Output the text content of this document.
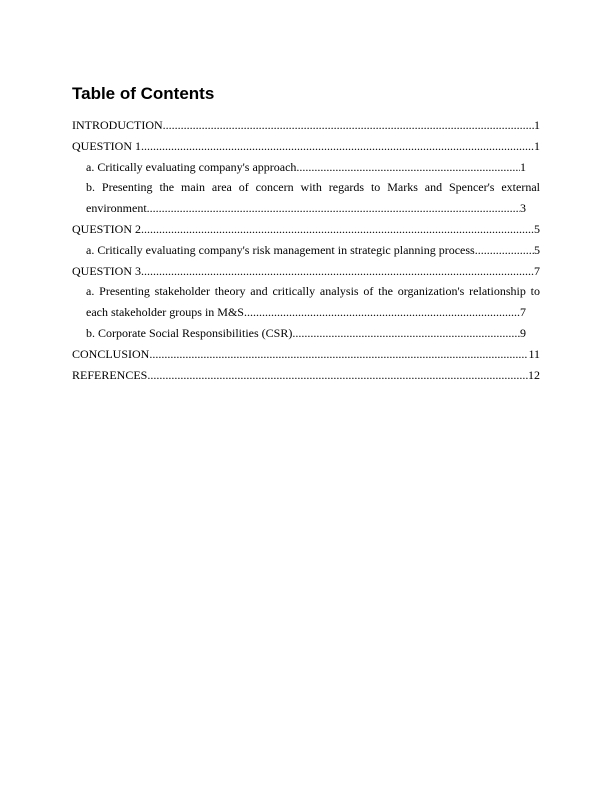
Table of Contents
INTRODUCTION .....	1
QUESTION 1 .....	1
a. Critically evaluating company's approach .....	1
b. Presenting the main area of concern with regards to Marks and Spencer's external
environment .....	3
QUESTION 2 .....	5
a. Critically evaluating company's risk management in strategic planning process .....	5
QUESTION 3 .....	7
a. Presenting stakeholder theory and critically analysis of the organization's relationship to
each stakeholder groups in M&S .....	7
b. Corporate Social Responsibilities (CSR) .....	9
CONCLUSION .....	11
REFERENCES .....	12
